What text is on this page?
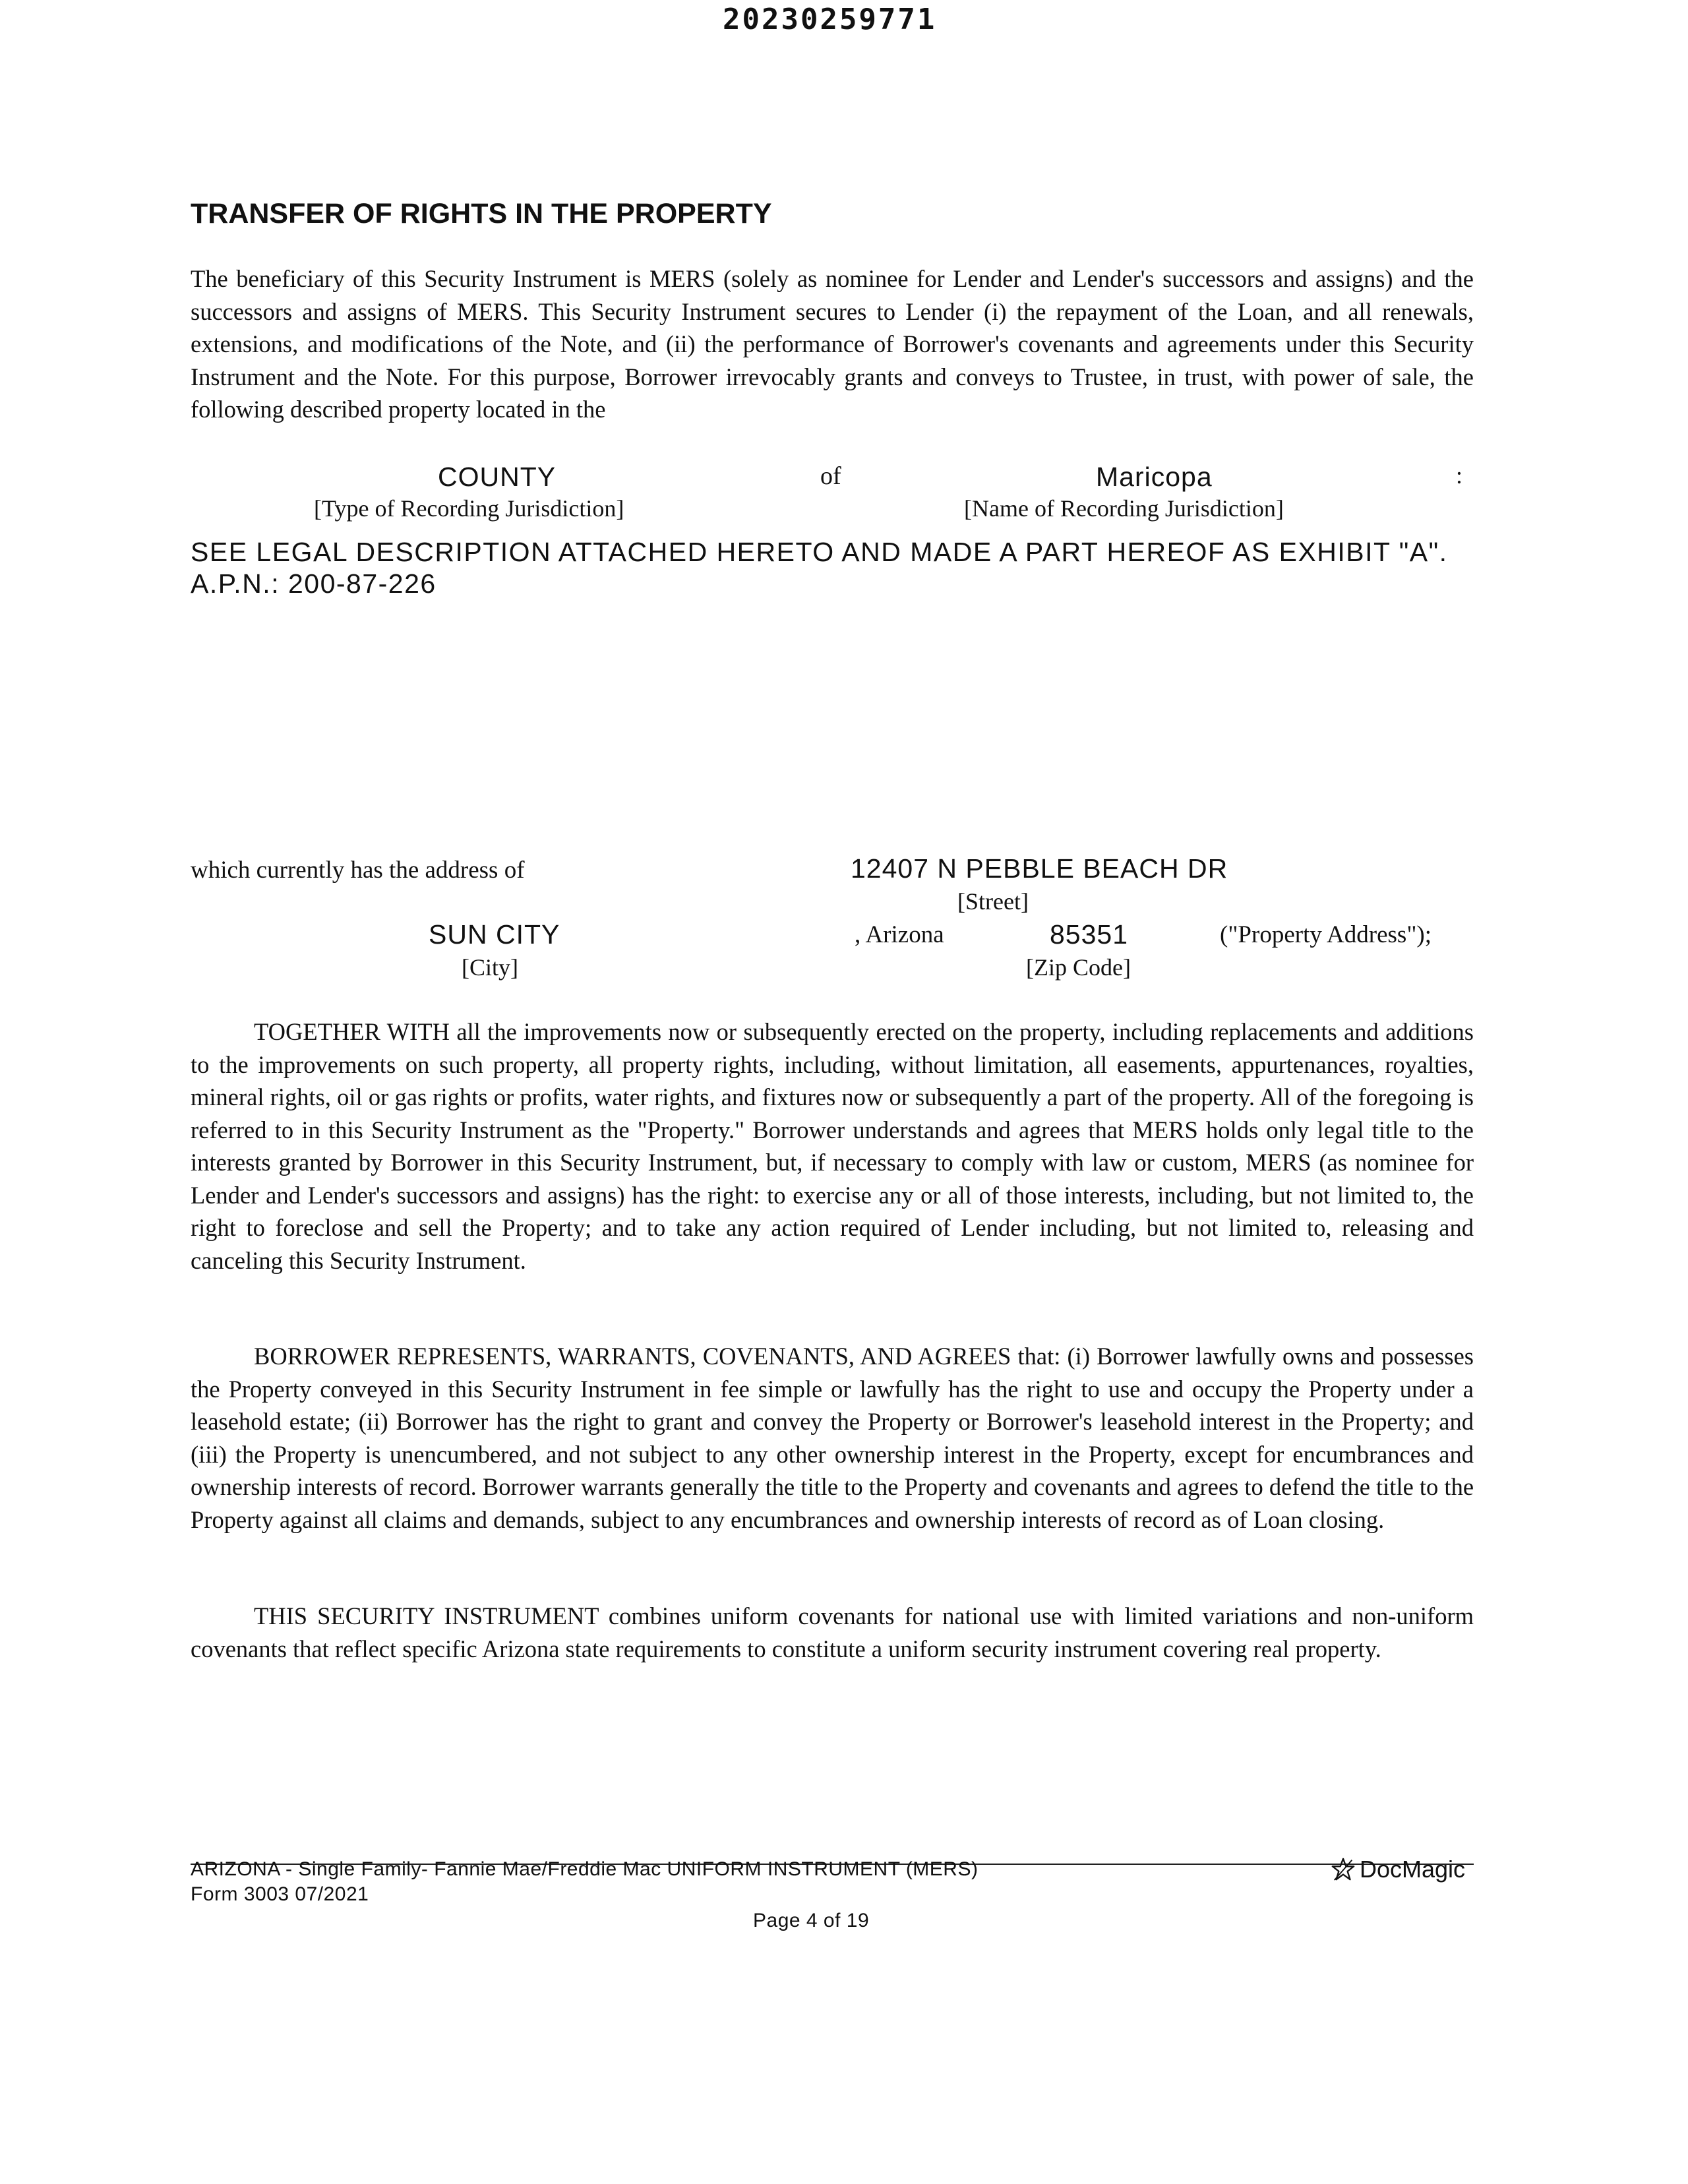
20230259771
TRANSFER OF RIGHTS IN THE PROPERTY
The beneficiary of this Security Instrument is MERS (solely as nominee for Lender and Lender's successors and assigns) and the successors and assigns of MERS. This Security Instrument secures to Lender (i) the repayment of the Loan, and all renewals, extensions, and modifications of the Note, and (ii) the performance of Borrower's covenants and agreements under this Security Instrument and the Note. For this purpose, Borrower irrevocably grants and conveys to Trustee, in trust, with power of sale, the following described property located in the
COUNTY	of	Maricopa	:
[Type of Recording Jurisdiction]	[Name of Recording Jurisdiction]
SEE LEGAL DESCRIPTION ATTACHED HERETO AND MADE A PART HEREOF AS EXHIBIT "A".
A.P.N.: 200-87-226
which currently has the address of	12407 N PEBBLE BEACH DR
[Street]
SUN CITY	, Arizona	85351	("Property Address");
[City]	[Zip Code]
TOGETHER WITH all the improvements now or subsequently erected on the property, including replacements and additions to the improvements on such property, all property rights, including, without limitation, all easements, appurtenances, royalties, mineral rights, oil or gas rights or profits, water rights, and fixtures now or subsequently a part of the property. All of the foregoing is referred to in this Security Instrument as the "Property." Borrower understands and agrees that MERS holds only legal title to the interests granted by Borrower in this Security Instrument, but, if necessary to comply with law or custom, MERS (as nominee for Lender and Lender's successors and assigns) has the right: to exercise any or all of those interests, including, but not limited to, the right to foreclose and sell the Property; and to take any action required of Lender including, but not limited to, releasing and canceling this Security Instrument.
BORROWER REPRESENTS, WARRANTS, COVENANTS, AND AGREES that: (i) Borrower lawfully owns and possesses the Property conveyed in this Security Instrument in fee simple or lawfully has the right to use and occupy the Property under a leasehold estate; (ii) Borrower has the right to grant and convey the Property or Borrower's leasehold interest in the Property; and (iii) the Property is unencumbered, and not subject to any other ownership interest in the Property, except for encumbrances and ownership interests of record. Borrower warrants generally the title to the Property and covenants and agrees to defend the title to the Property against all claims and demands, subject to any encumbrances and ownership interests of record as of Loan closing.
THIS SECURITY INSTRUMENT combines uniform covenants for national use with limited variations and non-uniform covenants that reflect specific Arizona state requirements to constitute a uniform security instrument covering real property.
ARIZONA - Single Family- Fannie Mae/Freddie Mac UNIFORM INSTRUMENT (MERS)
Form 3003 07/2021
Page 4 of 19
DocMagic
